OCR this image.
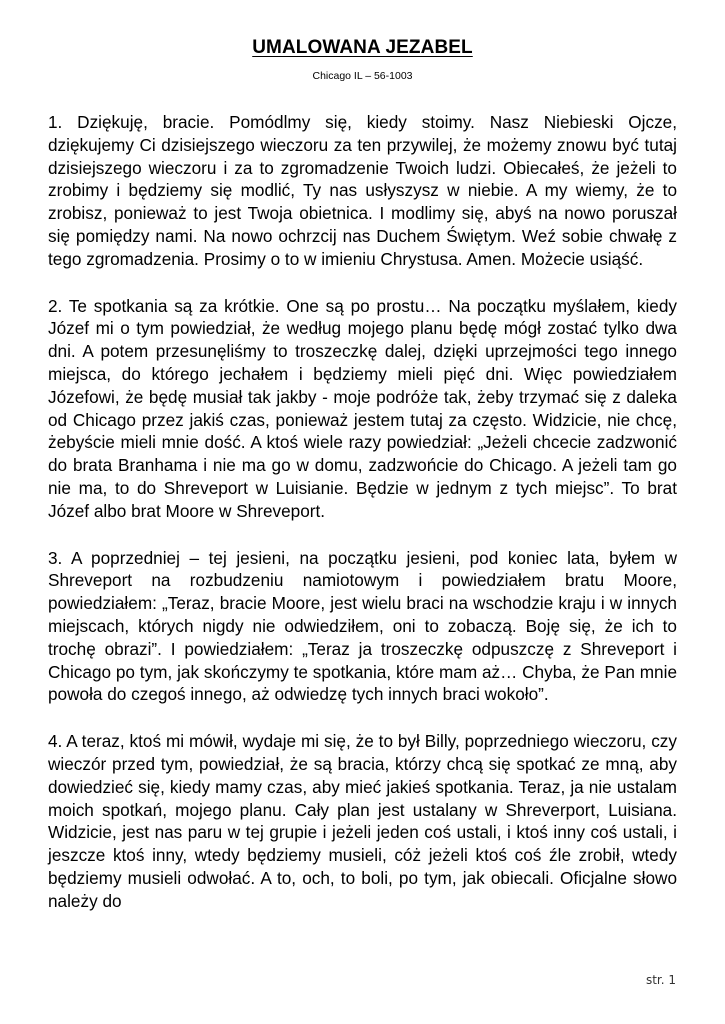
UMALOWANA JEZABEL

Chicago IL – 56-1003

1. Dziękuję, bracie. Pomódlmy się, kiedy stoimy. Nasz Niebieski Ojcze, dziękujemy Ci dzisiejszego wieczoru za ten przywilej, że możemy znowu być tutaj dzisiejszego wieczoru i za to zgromadzenie Twoich ludzi. Obiecałeś, że jeżeli to zrobimy i będziemy się modlić, Ty nas usłyszysz w niebie. A my wiemy, że to zrobisz, ponieważ to jest Twoja obietnica. I modlimy się, abyś na nowo poruszał się pomiędzy nami. Na nowo ochrzcij nas Duchem Świętym. Weź sobie chwałę z tego zgromadzenia. Prosimy o to w imieniu Chrystusa. Amen. Możecie usiąść.

2. Te spotkania są za krótkie. One są po prostu… Na początku myślałem, kiedy Józef mi o tym powiedział, że według mojego planu będę mógł zostać tylko dwa dni. A potem przesunęliśmy to troszeczkę dalej, dzięki uprzejmości tego innego miejsca, do którego jechałem i będziemy mieli pięć dni. Więc powiedziałem Józefowi, że będę musiał tak jakby - moje podróże tak, żeby trzymać się z daleka od Chicago przez jakiś czas, ponieważ jestem tutaj za często. Widzicie, nie chcę, żebyście mieli mnie dość. A ktoś wiele razy powiedział: „Jeżeli chcecie zadzwonić do brata Branhama i nie ma go w domu, zadzwońcie do Chicago. A jeżeli tam go nie ma, to do Shreveport w Luisianie. Będzie w jednym z tych miejsc”. To brat Józef albo brat Moore w Shreveport.

3. A poprzedniej – tej jesieni, na początku jesieni, pod koniec lata, byłem w Shreveport na rozbudzeniu namiotowym i powiedziałem bratu Moore, powiedziałem: „Teraz, bracie Moore, jest wielu braci na wschodzie kraju i w innych miejscach, których nigdy nie odwiedziłem, oni to zobaczą. Boję się, że ich to trochę obrazi”. I powiedziałem: „Teraz ja troszeczkę odpuszczę z Shreveport i Chicago po tym, jak skończymy te spotkania, które mam aż… Chyba, że Pan mnie powoła do czegoś innego, aż odwiedzę tych innych braci wokoło”.

4. A teraz, ktoś mi mówił, wydaje mi się, że to był Billy, poprzedniego wieczoru, czy wieczór przed tym, powiedział, że są bracia, którzy chcą się spotkać ze mną, aby dowiedzieć się, kiedy mamy czas, aby mieć jakieś spotkania. Teraz, ja nie ustalam moich spotkań, mojego planu. Cały plan jest ustalany w Shreverport, Luisiana. Widzicie, jest nas paru w tej grupie i jeżeli jeden coś ustali, i ktoś inny coś ustali, i jeszcze ktoś inny, wtedy będziemy musieli, cóż jeżeli ktoś coś źle zrobił, wtedy będziemy musieli odwołać. A to, och, to boli, po tym, jak obiecali. Oficjalne słowo należy do

str. 1
